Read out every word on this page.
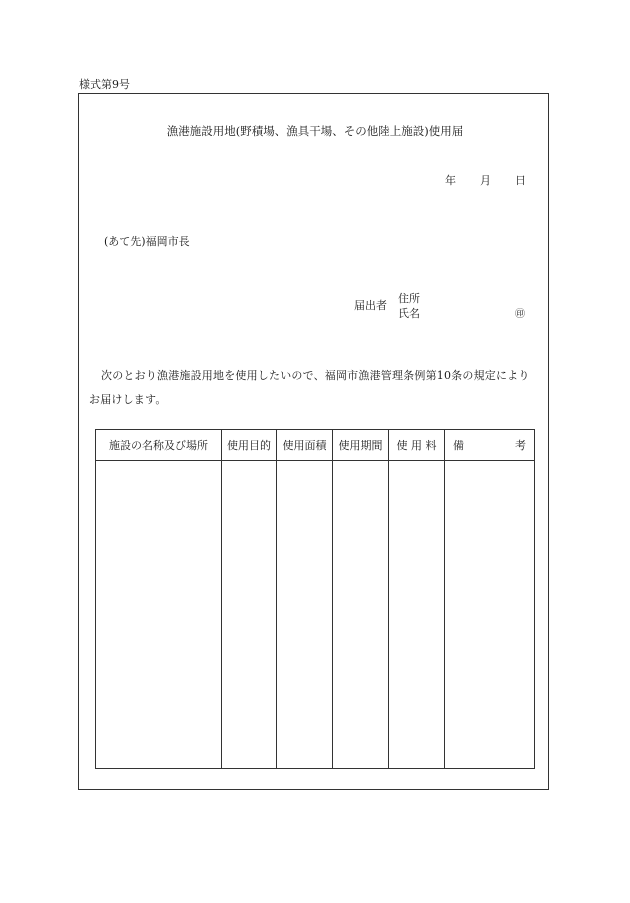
様式第9号
漁港施設用地(野積場、漁具干場、その他陸上施設)使用届
年 月 日
(あて先)福岡市長
届出者
住所
氏名	㊞
次のとおり漁港施設用地を使用したいので、福岡市漁港管理条例第10条の規定によりお届けします。
施設の名称及び場所	使用目的	使用面積	使用期間	使 用 料	備 考
